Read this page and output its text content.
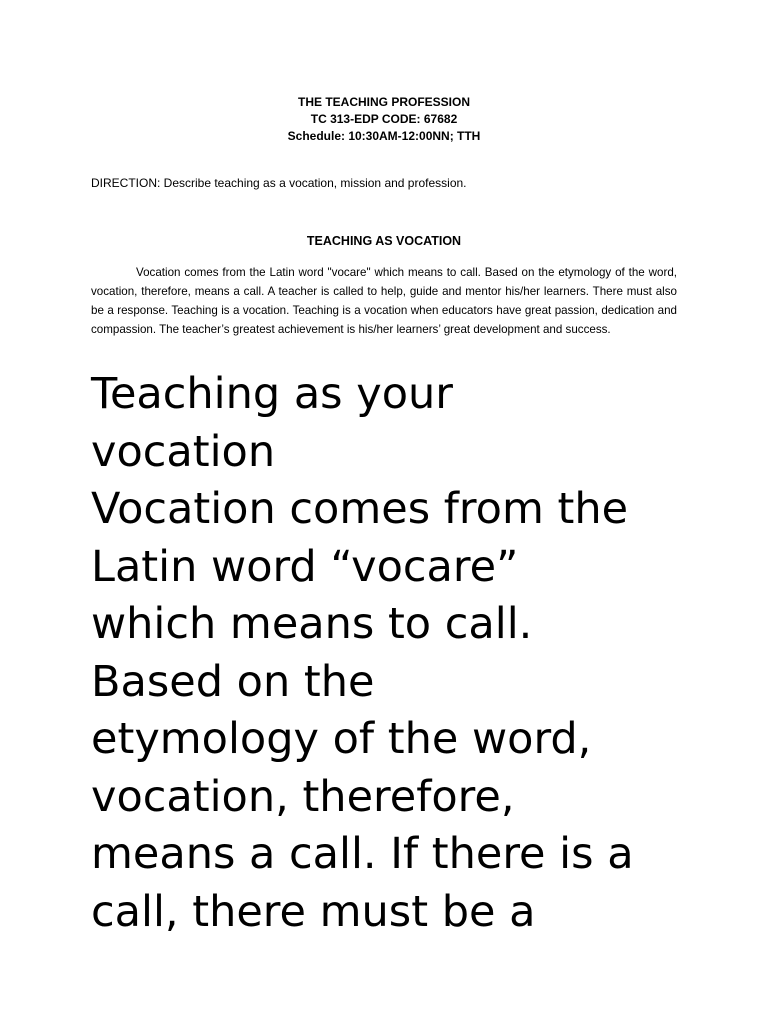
THE TEACHING PROFESSION
TC 313-EDP CODE: 67682
Schedule: 10:30AM-12:00NN; TTH
DIRECTION: Describe teaching as a vocation, mission and profession.
TEACHING AS VOCATION
Vocation comes from the Latin word "vocare" which means to call. Based on the etymology of the word, vocation, therefore, means a call. A teacher is called to help, guide and mentor his/her learners. There must also be a response. Teaching is a vocation. Teaching is a vocation when educators have great passion, dedication and compassion. The teacher’s greatest achievement is his/her learners’ great development and success.
Teaching as your
vocation
Vocation comes from the
Latin word “vocare”
which means to call.
Based on the
etymology of the word,
vocation, therefore,
means a call. If there is a
call, there must be a
